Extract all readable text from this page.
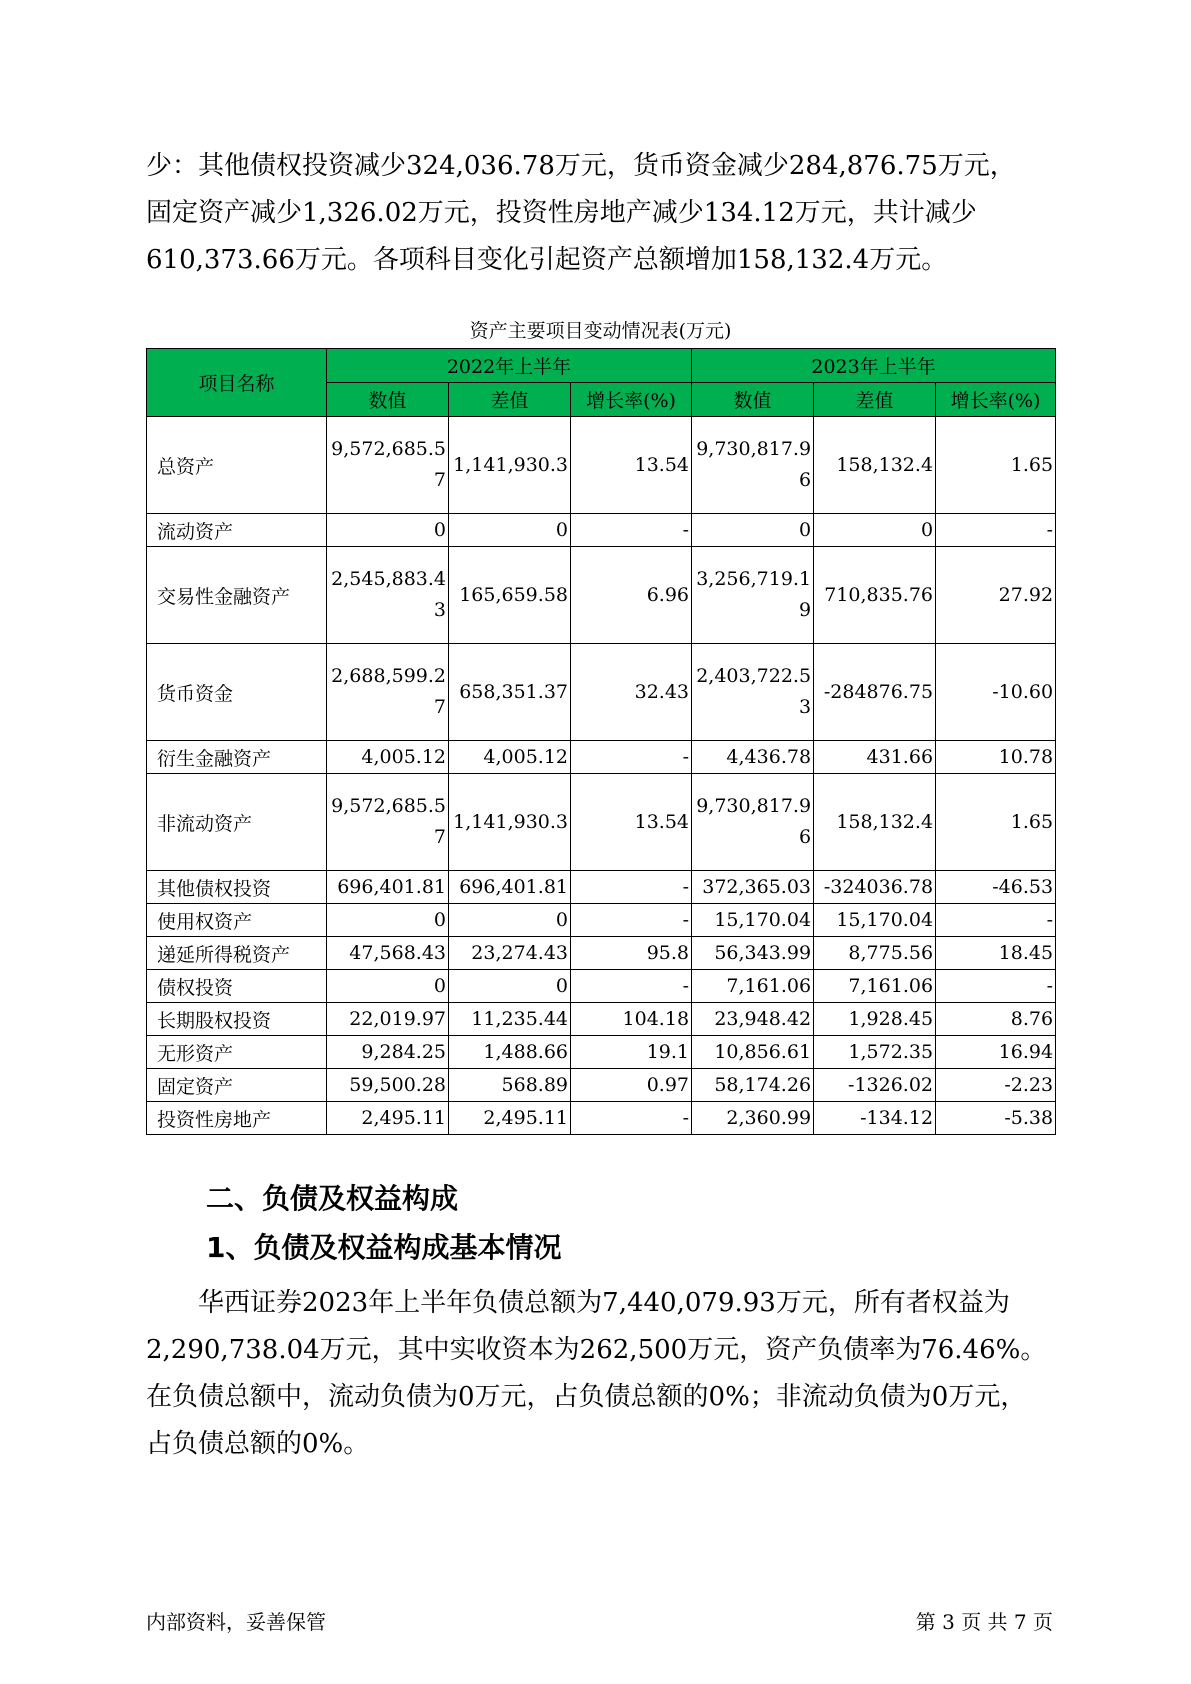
少：其他债权投资减少324,036.78万元，货币资金减少284,876.75万元，

固定资产减少1,326.02万元，投资性房地产减少134.12万元，共计减少

610,373.66万元。各项科目变化引起资产总额增加158,132.4万元。

资产主要项目变动情况表(万元)
项目名称	2022年上半年			2023年上半年		
	数值	差值	增长率(%)	数值	差值	增长率(%)
总资产	9,572,685.57	1,141,930.3	13.54	9,730,817.96	158,132.4	1.65
流动资产	0	0	-	0	0	-
交易性金融资产	2,545,883.43	165,659.58	6.96	3,256,719.19	710,835.76	27.92
货币资金	2,688,599.27	658,351.37	32.43	2,403,722.53	-284876.75	-10.60
衍生金融资产	4,005.12	4,005.12	-	4,436.78	431.66	10.78
非流动资产	9,572,685.57	1,141,930.3	13.54	9,730,817.96	158,132.4	1.65
其他债权投资	696,401.81	696,401.81	-	372,365.03	-324036.78	-46.53
使用权资产	0	0	-	15,170.04	15,170.04	-
递延所得税资产	47,568.43	23,274.43	95.8	56,343.99	8,775.56	18.45
债权投资	0	0	-	7,161.06	7,161.06	-
长期股权投资	22,019.97	11,235.44	104.18	23,948.42	1,928.45	8.76
无形资产	9,284.25	1,488.66	19.1	10,856.61	1,572.35	16.94
固定资产	59,500.28	568.89	0.97	58,174.26	-1326.02	-2.23
投资性房地产	2,495.11	2,495.11	-	2,360.99	-134.12	-5.38
二、负债及权益构成
1、负债及权益构成基本情况

华西证券2023年上半年负债总额为7,440,079.93万元，所有者权益为

2,290,738.04万元，其中实收资本为262,500万元，资产负债率为76.46%。

在负债总额中，流动负债为0万元，占负债总额的0%；非流动负债为0万元，

占负债总额的0%。

内部资料，妥善保管	第 3 页 共 7 页
